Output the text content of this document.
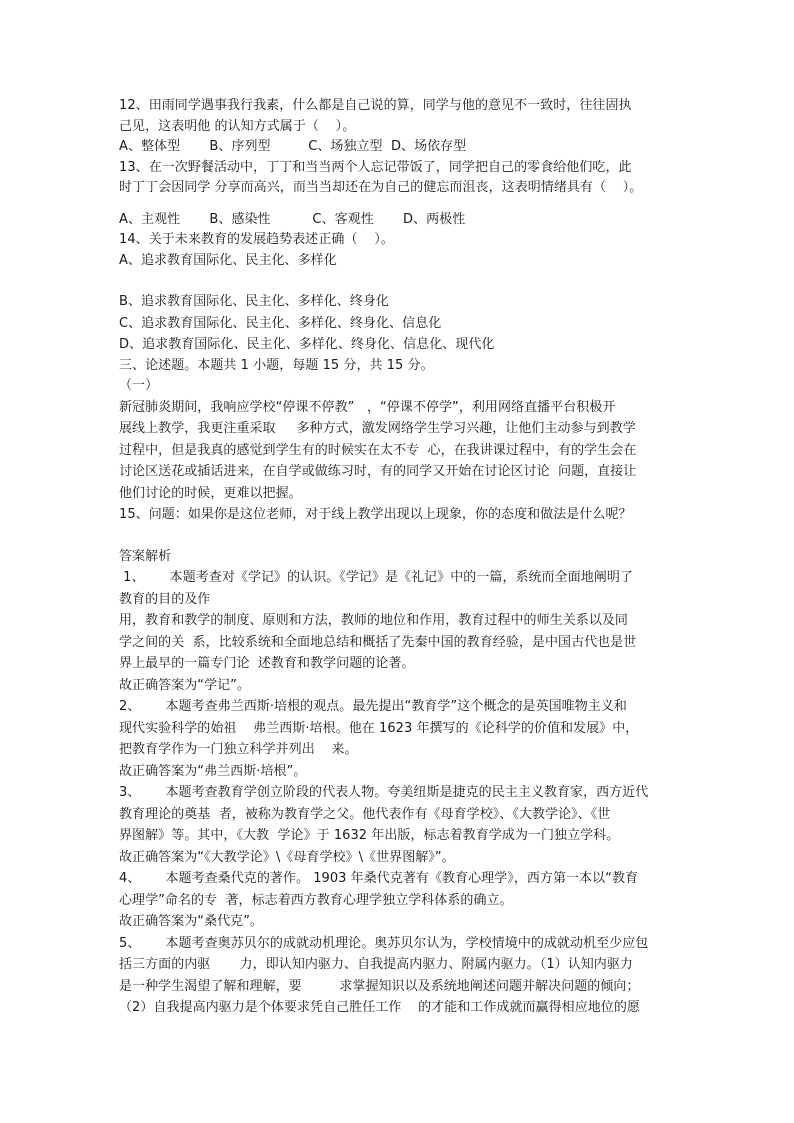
12、田雨同学遇事我行我素，什么都是自己说的算，同学与他的意见不一致时，往往固执

己见，这表明他 的认知方式属于（    ）。

A、整体型       B、序列型         C、场独立型  D、场依存型

13、在一次野餐活动中，丁丁和当当两个人忘记带饭了，同学把自己的零食给他们吃，此

时丁丁会因同学 分享而高兴，而当当却还在为自己的健忘而沮丧，这表明情绪具有（    ）。

A、主观性       B、感染性          C、客观性       D、两极性

14、关于未来教育的发展趋势表述正确（    ）。

A、追求教育国际化、民主化、多样化

B、追求教育国际化、民主化、多样化、终身化

C、追求教育国际化、民主化、多样化、终身化、信息化

D、追求教育国际化、民主化、多样化、终身化、信息化、现代化

三、论述题。本题共 1 小题，每题 15 分，共 15 分。

（一）

新冠肺炎期间，我响应学校“停课不停教”   ，“停课不停学”，利用网络直播平台积极开

展线上教学，我更注重采取     多种方式，激发网络学生学习兴趣，让他们主动参与到教学

过程中，但是我真的感觉到学生有的时候实在太不专  心，在我讲课过程中，有的学生会在

讨论区送花或插话进来，在自学或做练习时，有的同学又开始在讨论区讨论  问题，直接让

他们讨论的时候，更难以把握。

15、问题：如果你是这位老师，对于线上教学出现以上现象，你的态度和做法是什么呢？

答案解析

1、      本题考查对《学记》的认识。《学记》是《礼记》中的一篇，系统而全面地阐明了

教育的目的及作

用，教育和教学的制度、原则和方法，教师的地位和作用，教育过程中的师生关系以及同

学之间的关  系，比较系统和全面地总结和概括了先秦中国的教育经验，是中国古代也是世

界上最早的一篇专门论  述教育和教学问题的论著。

故正确答案为“学记”。

2、      本题考查弗兰西斯·培根的观点。最先提出“教育学”这个概念的是英国唯物主义和

现代实验科学的始祖    弗兰西斯·培根。他在 1623 年撰写的《论科学的价值和发展》中，

把教育学作为一门独立科学并列出    来。

故正确答案为“弗兰西斯·培根”。

3、      本题考查教育学创立阶段的代表人物。夸美纽斯是捷克的民主主义教育家，西方近代

教育理论的奠基  者，被称为教育学之父。他代表作有《母育学校》、《大教学论》、《世

界图解》等。其中，《大教  学论》于 1632 年出版，标志着教育学成为一门独立学科。

故正确答案为“《大教学论》\《母育学校》\《世界图解》”。

4、      本题考查桑代克的著作。 1903 年桑代克著有《教育心理学》，西方第一本以“教育

心理学”命名的专  著，标志着西方教育心理学独立学科体系的确立。

故正确答案为“桑代克”。

5、      本题考查奥苏贝尔的成就动机理论。奥苏贝尔认为，学校情境中的成就动机至少应包

括三方面的内驱       力，即认知内驱力、自我提高内驱力、附属内驱力。（1）认知内驱力

是一种学生渴望了解和理解，要         求掌握知识以及系统地阐述问题并解决问题的倾向；

（2）自我提高内驱力是个体要求凭自己胜任工作    的才能和工作成就而赢得相应地位的愿
